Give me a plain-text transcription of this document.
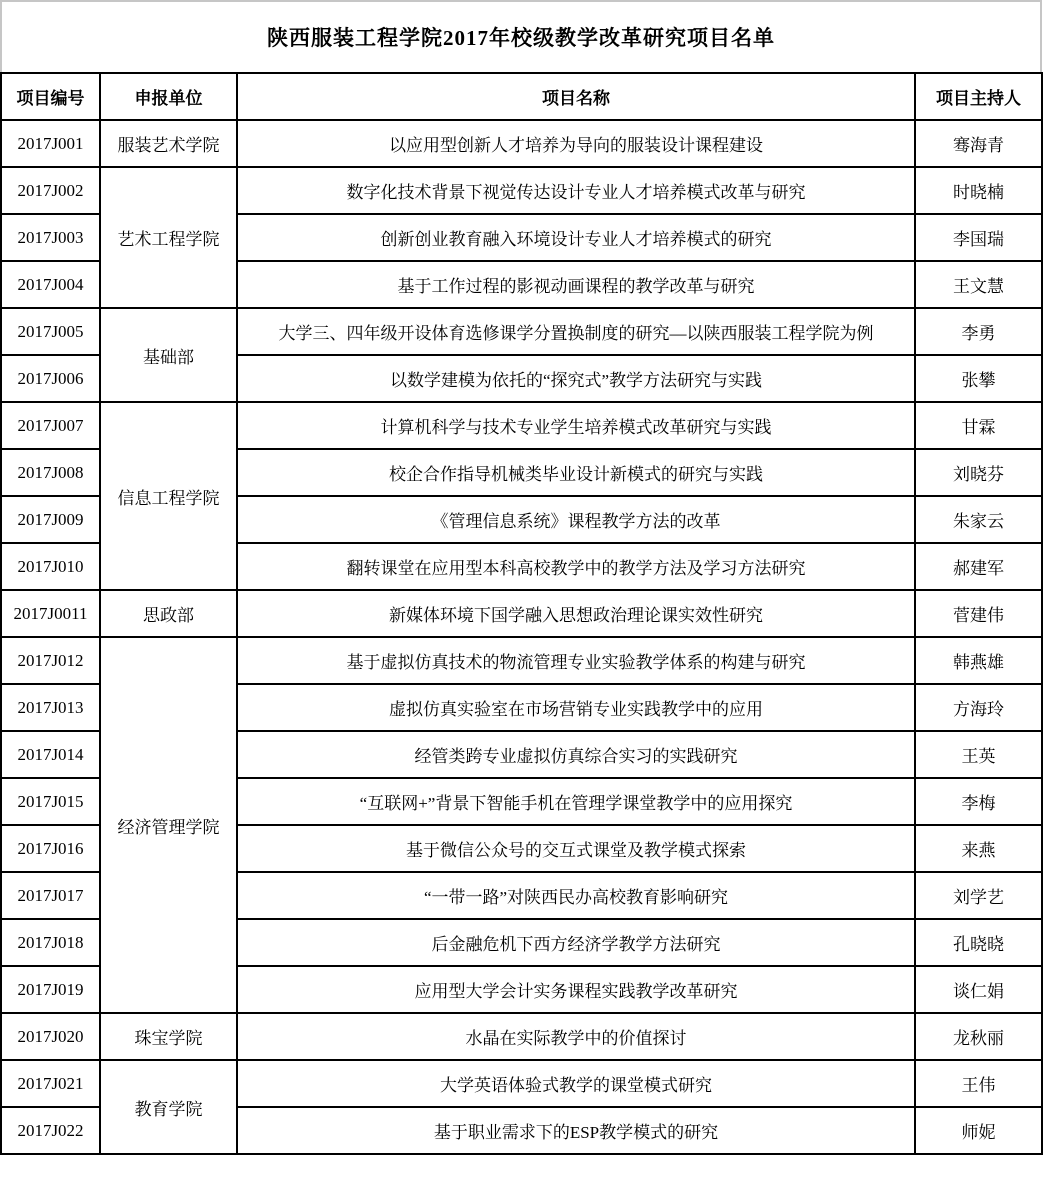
陕西服装工程学院2017年校级教学改革研究项目名单
项目编号	申报单位	项目名称	项目主持人
2017J001	服装艺术学院	以应用型创新人才培养为导向的服装设计课程建设	骞海青
2017J002	艺术工程学院	数字化技术背景下视觉传达设计专业人才培养模式改革与研究	时晓楠
2017J003		创新创业教育融入环境设计专业人才培养模式的研究	李国瑞
2017J004		基于工作过程的影视动画课程的教学改革与研究	王文慧
2017J005	基础部	大学三、四年级开设体育选修课学分置换制度的研究—以陕西服装工程学院为例	李勇
2017J006		以数学建模为依托的“探究式”教学方法研究与实践	张攀
2017J007	信息工程学院	计算机科学与技术专业学生培养模式改革研究与实践	甘霖
2017J008		校企合作指导机械类毕业设计新模式的研究与实践	刘晓芬
2017J009		《管理信息系统》课程教学方法的改革	朱家云
2017J010		翻转课堂在应用型本科高校教学中的教学方法及学习方法研究	郝建军
2017J0011	思政部	新媒体环境下国学融入思想政治理论课实效性研究	菅建伟
2017J012	经济管理学院	基于虚拟仿真技术的物流管理专业实验教学体系的构建与研究	韩燕雄
2017J013		虚拟仿真实验室在市场营销专业实践教学中的应用	方海玲
2017J014		经管类跨专业虚拟仿真综合实习的实践研究	王英
2017J015		“互联网+”背景下智能手机在管理学课堂教学中的应用探究	李梅
2017J016		基于微信公众号的交互式课堂及教学模式探索	来燕
2017J017		“一带一路”对陕西民办高校教育影响研究	刘学艺
2017J018		后金融危机下西方经济学教学方法研究	孔晓晓
2017J019		应用型大学会计实务课程实践教学改革研究	谈仁娟
2017J020	珠宝学院	水晶在实际教学中的价值探讨	龙秋丽
2017J021	教育学院	大学英语体验式教学的课堂模式研究	王伟
2017J022		基于职业需求下的ESP教学模式的研究	师妮
